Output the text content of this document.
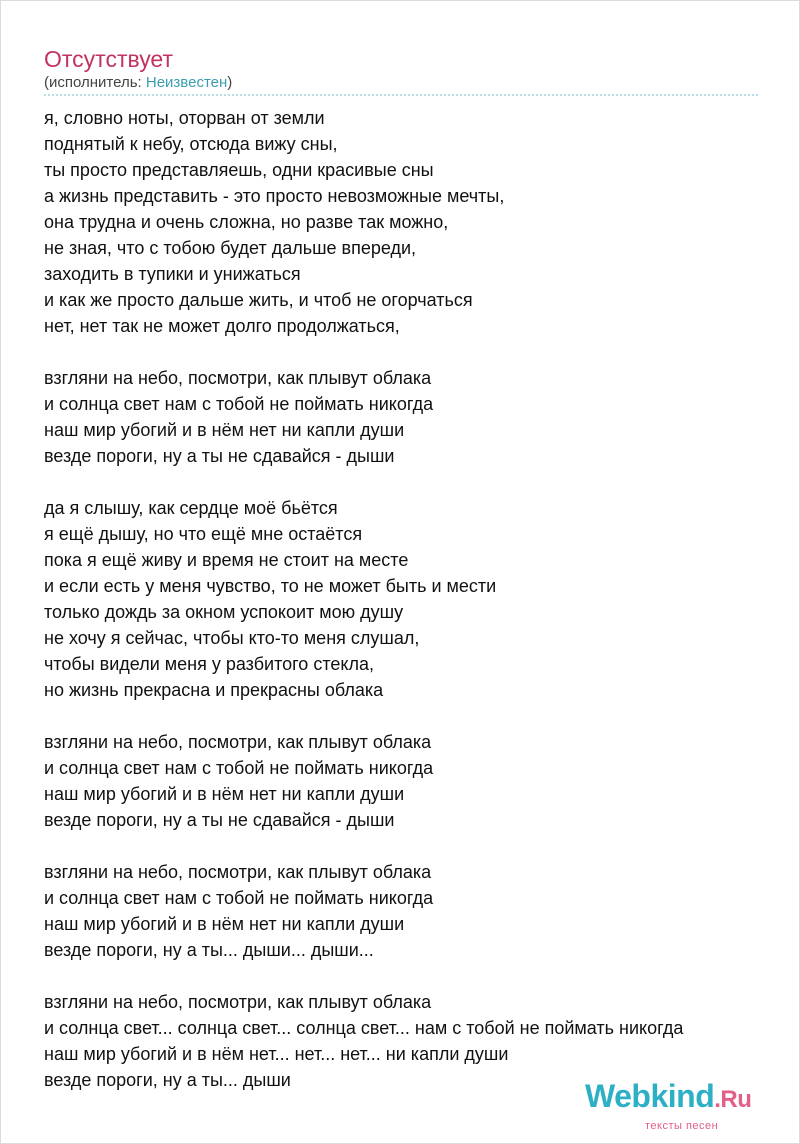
Отсутствует
(исполнитель: Неизвестен)
я, словно ноты, оторван от земли
поднятый к небу, отсюда вижу сны,
ты просто представляешь, одни красивые сны
а жизнь представить - это просто невозможные мечты,
она трудна и очень сложна, но разве так можно,
не зная, что с тобою будет дальше впереди,
заходить в тупики и унижаться
и как же просто дальше жить, и чтоб не огорчаться
нет, нет так не может долго продолжаться,
взгляни на небо, посмотри, как плывут облака
и солнца свет нам с тобой не поймать никогда
наш мир убогий и в нём нет ни капли души
везде пороги, ну а ты не сдавайся - дыши
да я слышу, как сердце моё бьётся
я ещё дышу, но что ещё мне остаётся
пока я ещё живу и время не стоит на месте
и если есть у меня чувство, то не может быть и мести
только дождь за окном успокоит мою душу
не хочу я сейчас, чтобы кто-то меня слушал,
чтобы видели меня у разбитого стекла,
но жизнь прекрасна и прекрасны облака
взгляни на небо, посмотри, как плывут облака
и солнца свет нам с тобой не поймать никогда
наш мир убогий и в нём нет ни капли души
везде пороги, ну а ты не сдавайся - дыши
взгляни на небо, посмотри, как плывут облака
и солнца свет нам с тобой не поймать никогда
наш мир убогий и в нём нет ни капли души
везде пороги, ну а ты... дыши... дыши...
взгляни на небо, посмотри, как плывут облака
и солнца свет... солнца свет... солнца свет... нам с тобой не поймать никогда
наш мир убогий и в нём нет... нет... нет... ни капли души
везде пороги, ну а ты... дыши	Webkind.Ru
тексты песен
